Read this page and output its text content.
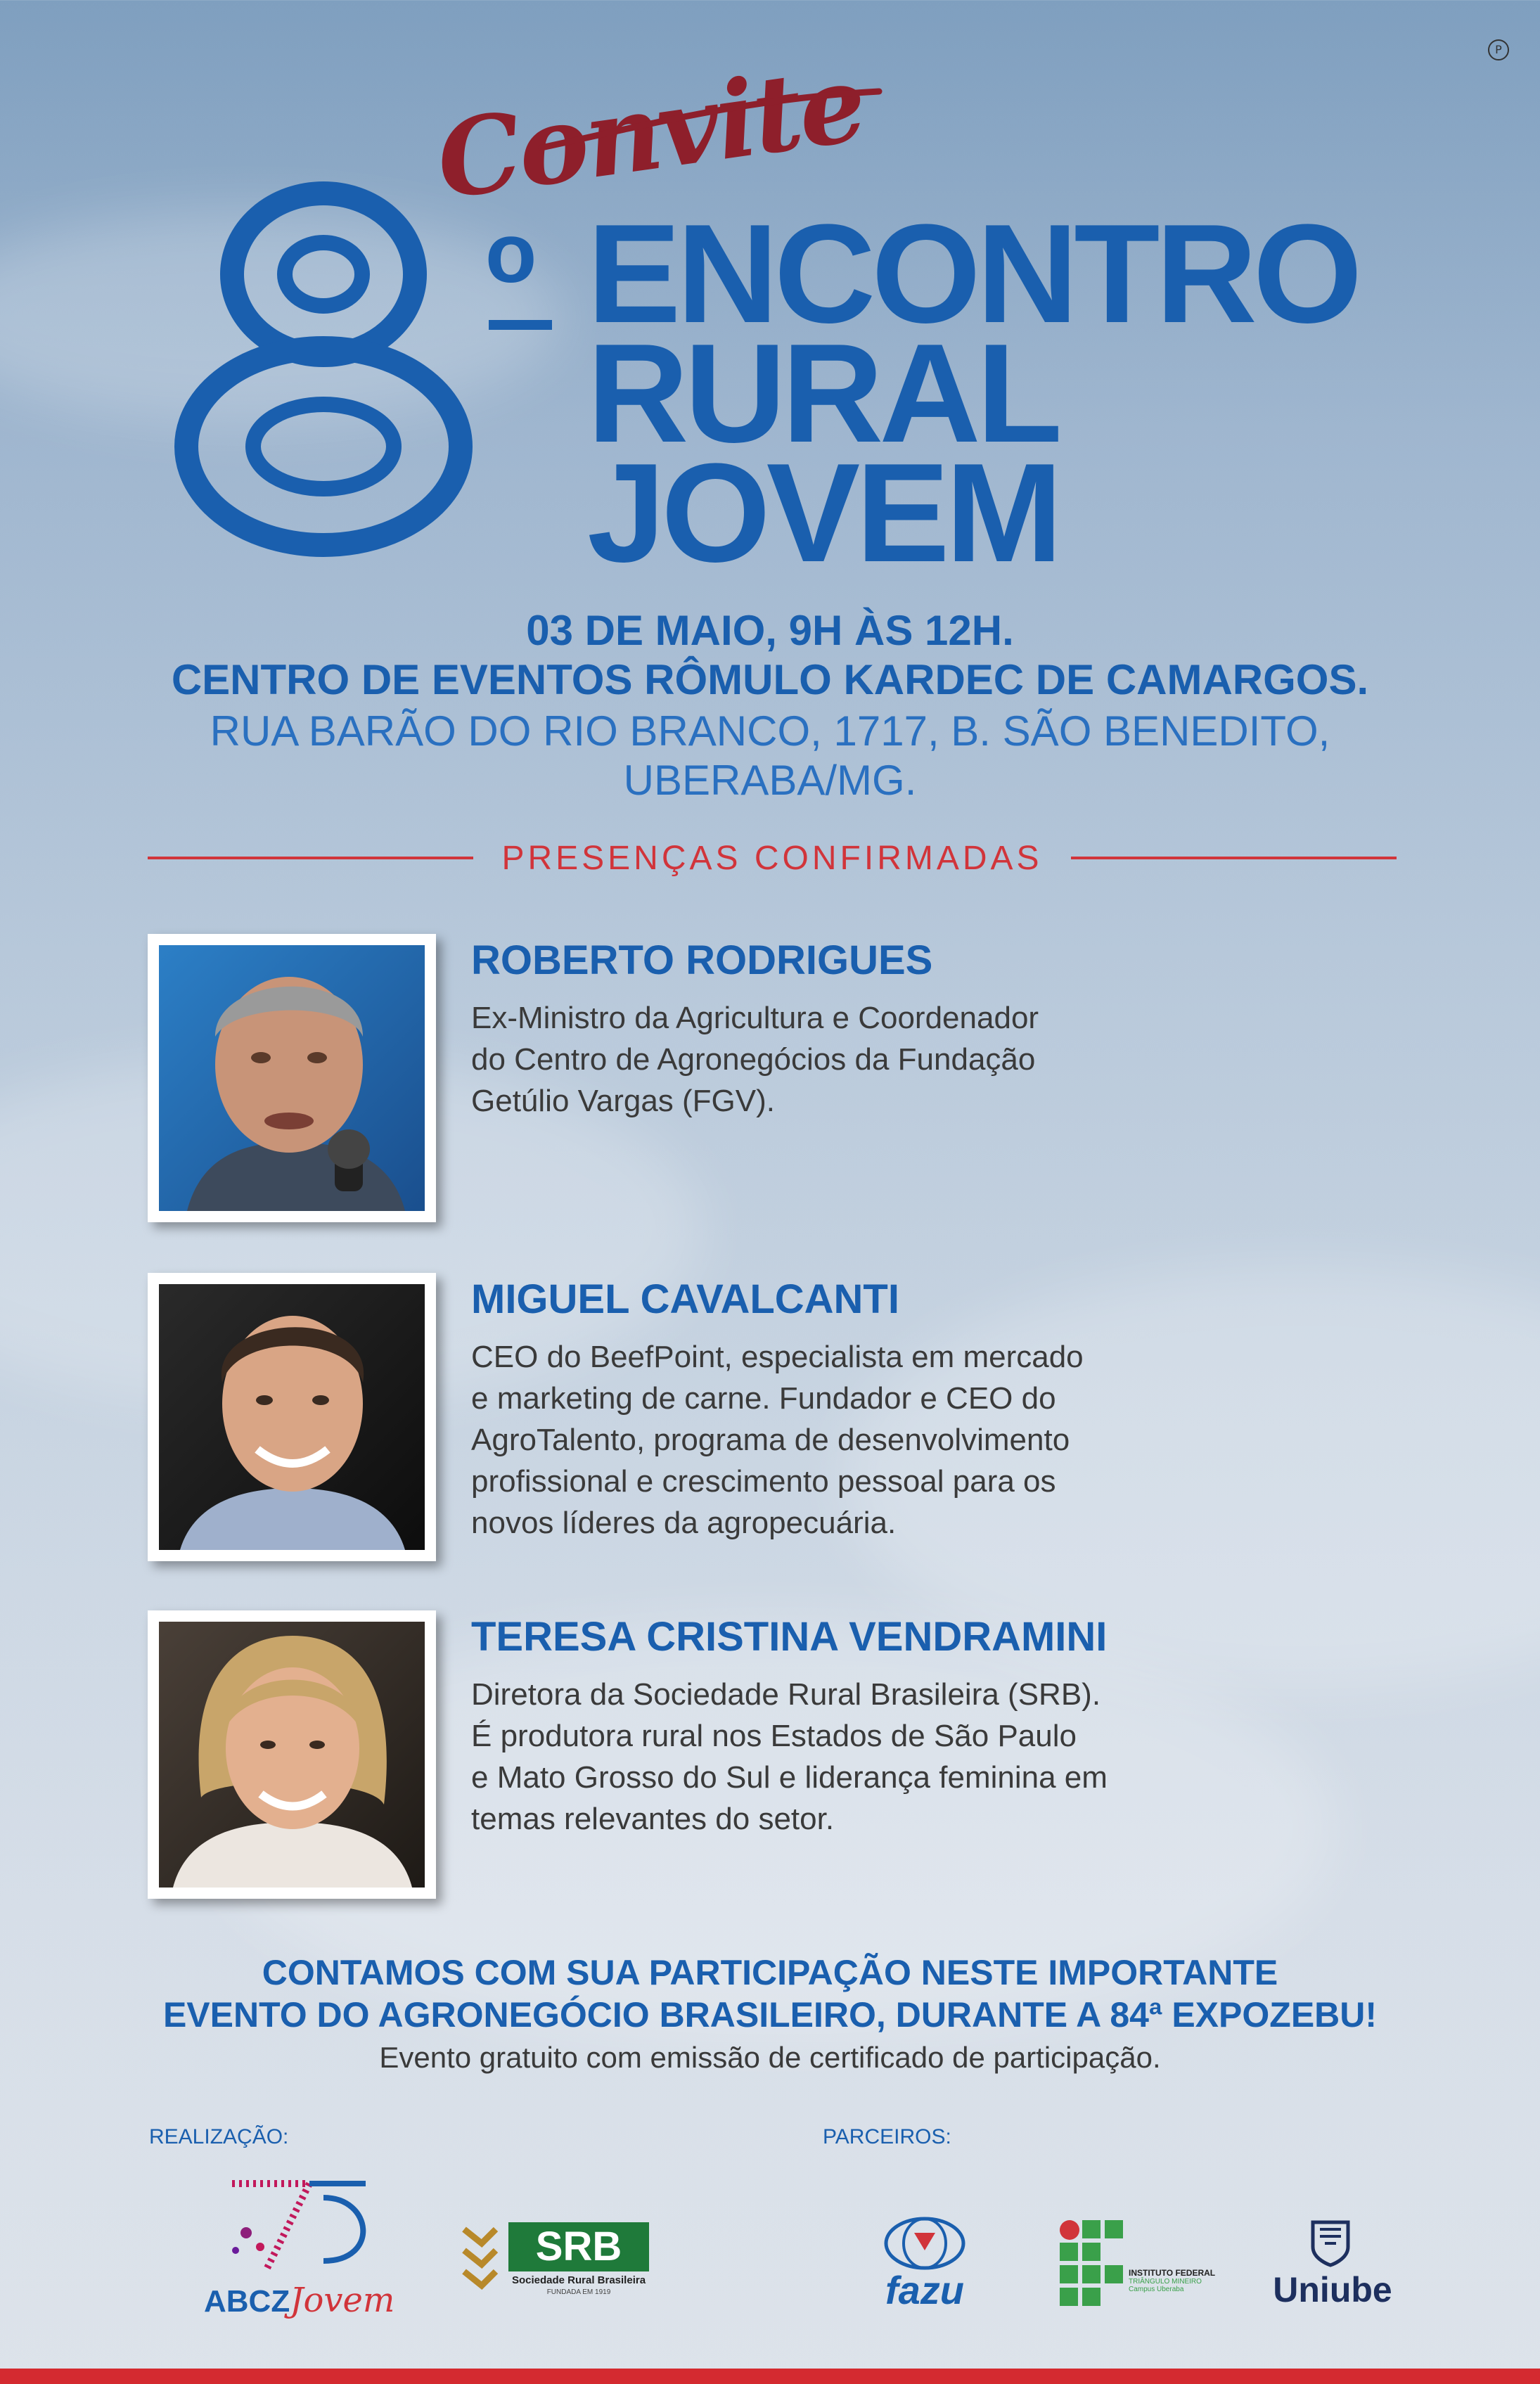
P
Convite
o ENCONTRO
RURAL
JOVEM
03 DE MAIO, 9H ÀS 12H.
CENTRO DE EVENTOS RÔMULO KARDEC DE CAMARGOS.
RUA BARÃO DO RIO BRANCO, 1717, B. SÃO BENEDITO,
UBERABA/MG.
PRESENÇAS CONFIRMADAS
ROBERTO RODRIGUES
Ex-Ministro da Agricultura e Coordenador
do Centro de Agronegócios da Fundação
Getúlio Vargas (FGV).
MIGUEL CAVALCANTI
CEO do BeefPoint, especialista em mercado
e marketing de carne. Fundador e CEO do
AgroTalento, programa de desenvolvimento
profissional e crescimento pessoal para os
novos líderes da agropecuária.
TERESA CRISTINA VENDRAMINI
Diretora da Sociedade Rural Brasileira (SRB).
É produtora rural nos Estados de São Paulo
e Mato Grosso do Sul e liderança feminina em
temas relevantes do setor.
CONTAMOS COM SUA PARTICIPAÇÃO NESTE IMPORTANTE
EVENTO DO AGRONEGÓCIO BRASILEIRO, DURANTE A 84ª EXPOZEBU!
Evento gratuito com emissão de certificado de participação.
REALIZAÇÃO:	PARCEIROS:
ABCZJovem
SRB
Sociedade Rural Brasileira
FUNDADA EM 1919	fazu	INSTITUTO FEDERAL
TRIÂNGULO MINEIRO
Campus Uberaba	Uniube
